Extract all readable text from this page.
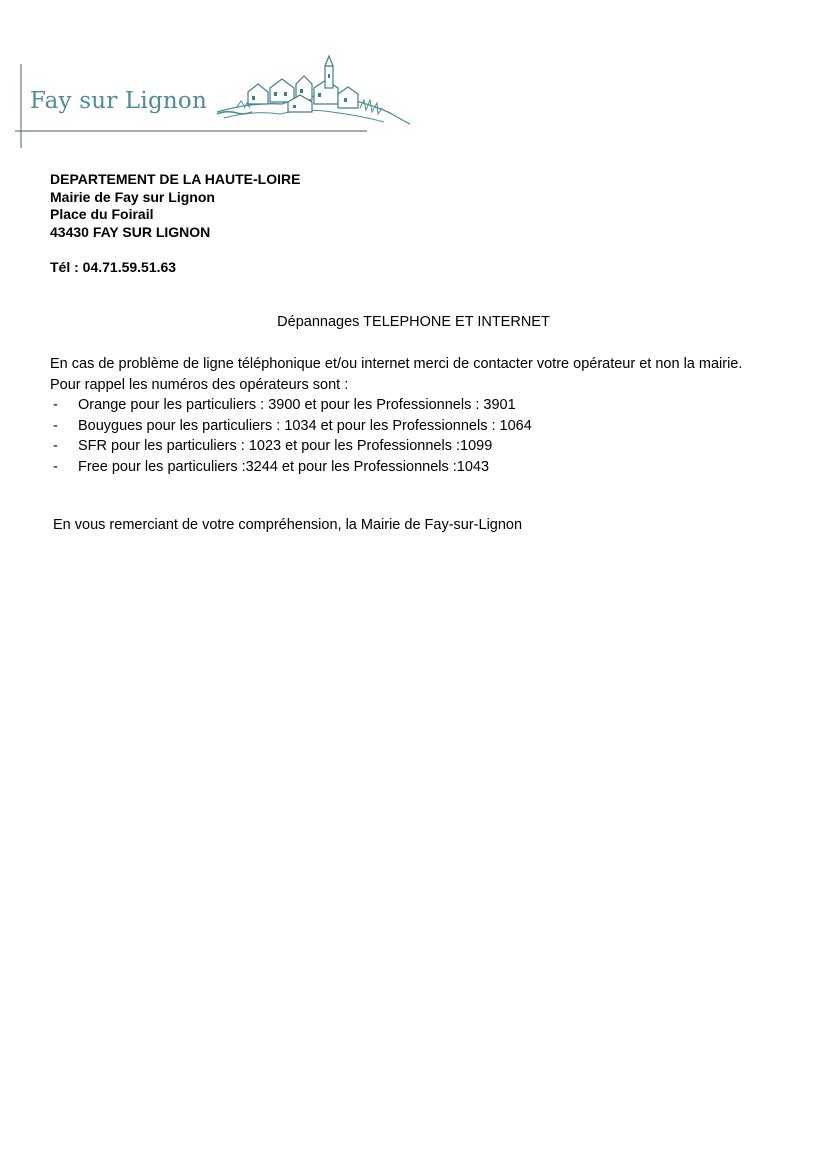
Fay sur Lignon
DEPARTEMENT DE LA HAUTE-LOIRE
Mairie de Fay sur Lignon
Place du Foirail
43430 FAY SUR LIGNON
Tél : 04.71.59.51.63
Dépannages TELEPHONE ET INTERNET
En cas de problème de ligne téléphonique et/ou internet merci de contacter votre opérateur et non la mairie.
Pour rappel les numéros des opérateurs sont :
- Orange pour les particuliers : 3900 et pour les Professionnels : 3901
- Bouygues pour les particuliers : 1034 et pour les Professionnels : 1064
- SFR pour les particuliers : 1023 et pour les Professionnels :1099
- Free pour les particuliers :3244 et pour les Professionnels :1043
En vous remerciant de votre compréhension, la Mairie de Fay-sur-Lignon
